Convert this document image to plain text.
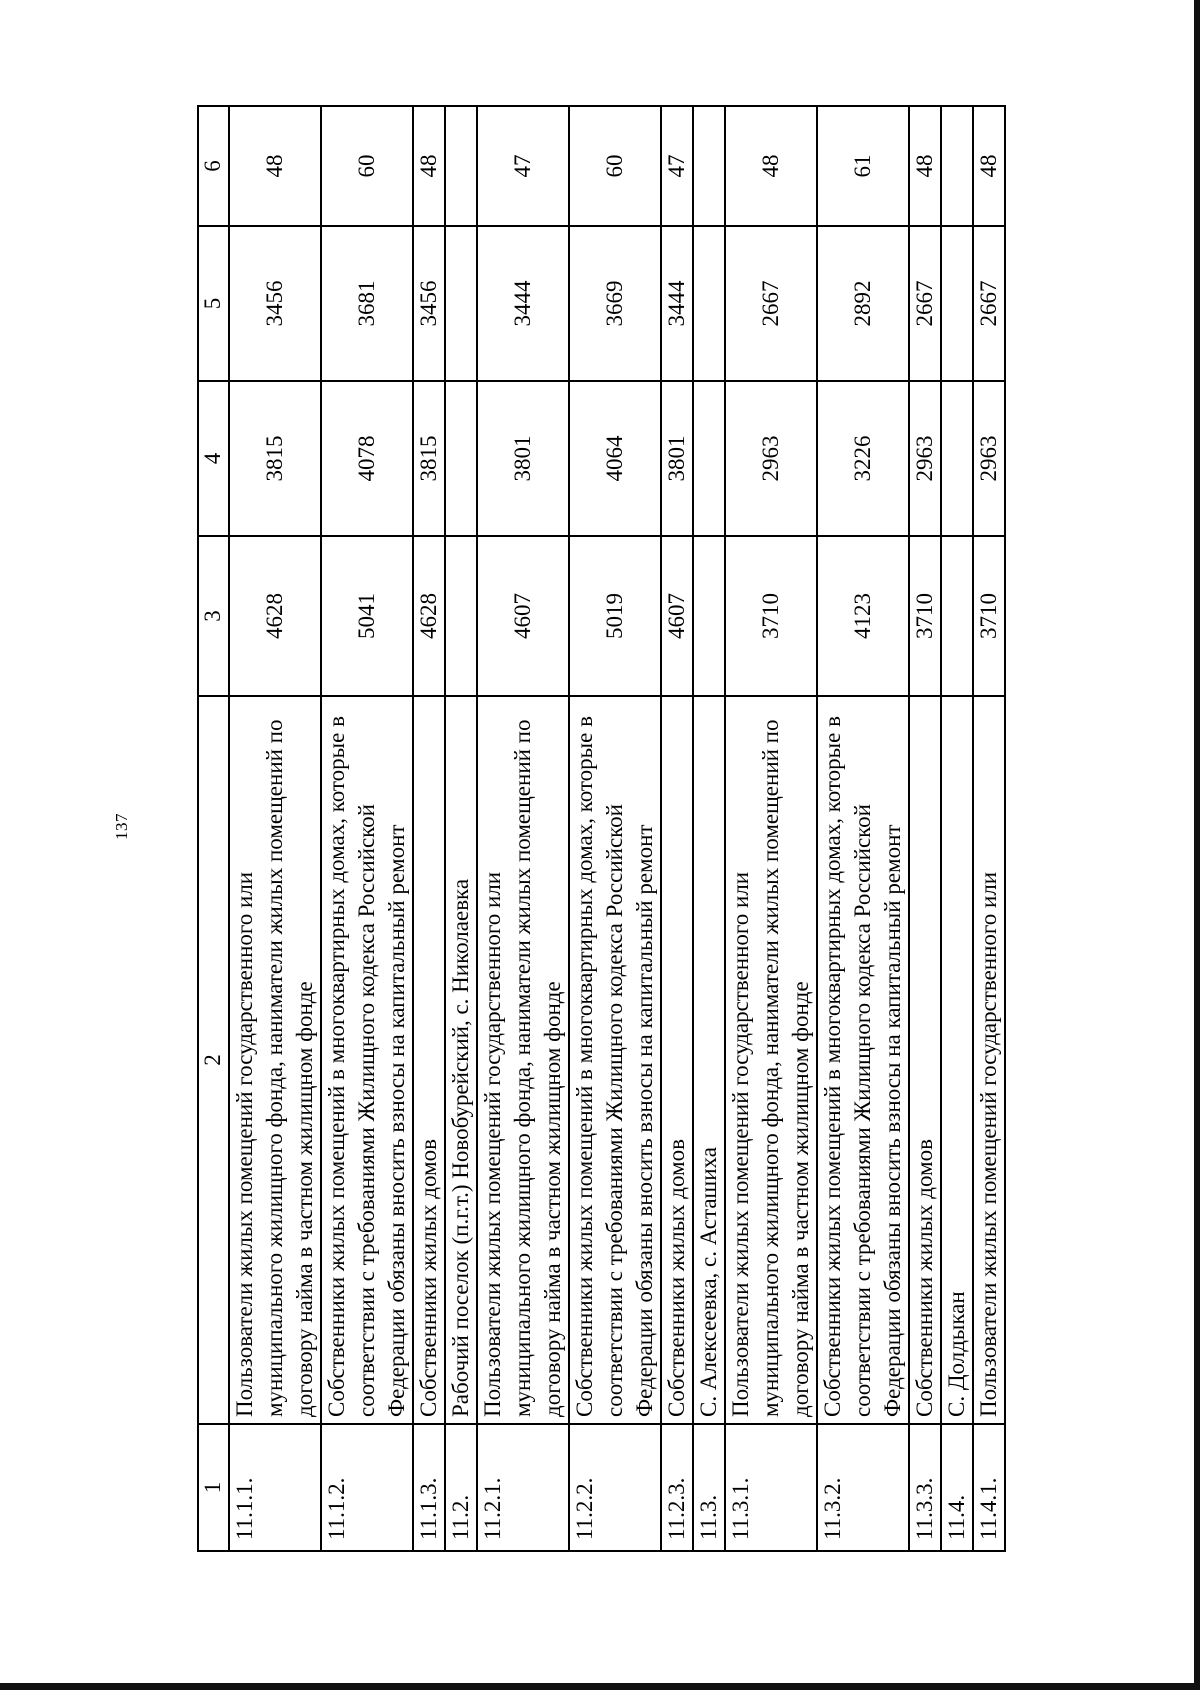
137
1	2	3	4	5	6
11.1.1.	Пользователи жилых помещений государственного или муниципального жилищного фонда, наниматели жилых помещений по договору найма в частном жилищном фонде	4628	3815	3456	48
11.1.2.	Собственники жилых помещений в многоквартирных домах, которые в соответствии с требованиями Жилищного кодекса Российской Федерации обязаны вносить взносы на капитальный ремонт	5041	4078	3681	60
11.1.3.	Собственники жилых домов	4628	3815	3456	48
11.2.	Рабочий поселок (п.г.т.) Новобурейский, с. Николаевка				
11.2.1.	Пользователи жилых помещений государственного или муниципального жилищного фонда, наниматели жилых помещений по договору найма в частном жилищном фонде	4607	3801	3444	47
11.2.2.	Собственники жилых помещений в многоквартирных домах, которые в соответствии с требованиями Жилищного кодекса Российской Федерации обязаны вносить взносы на капитальный ремонт	5019	4064	3669	60
11.2.3.	Собственники жилых домов	4607	3801	3444	47
11.3.	С. Алексеевка, с. Асташиха				
11.3.1.	Пользователи жилых помещений государственного или муниципального жилищного фонда, наниматели жилых помещений по договору найма в частном жилищном фонде	3710	2963	2667	48
11.3.2.	Собственники жилых помещений в многоквартирных домах, которые в соответствии с требованиями Жилищного кодекса Российской Федерации обязаны вносить взносы на капитальный ремонт	4123	3226	2892	61
11.3.3.	Собственники жилых домов	3710	2963	2667	48
11.4.	С. Долдыкан				
11.4.1.	Пользователи жилых помещений государственного или	3710	2963	2667	48
